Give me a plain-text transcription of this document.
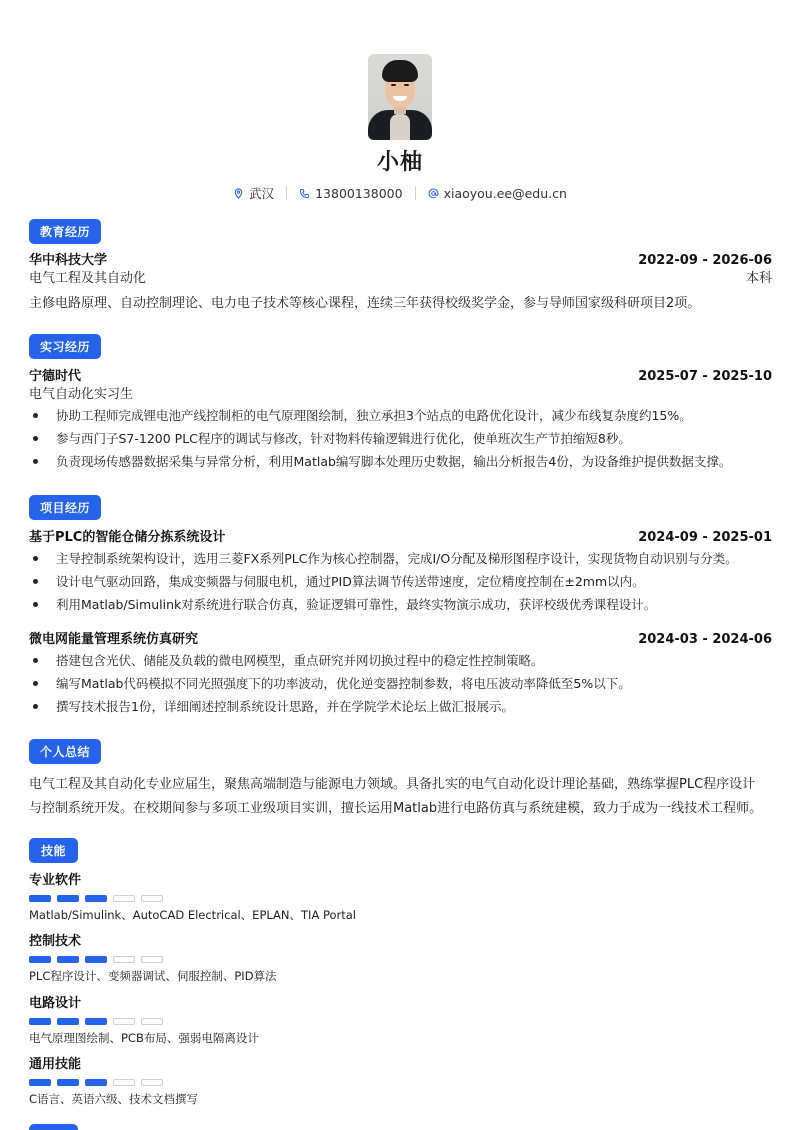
小柚
武汉	13800138000	xiaoyou.ee@edu.cn
教育经历
华中科技大学	2022-09 - 2026-06
电气工程及其自动化	本科
主修电路原理、自动控制理论、电力电子技术等核心课程，连续三年获得校级奖学金，参与导师国家级科研项目2项。
实习经历
宁德时代	2025-07 - 2025-10
电气自动化实习生
协助工程师完成锂电池产线控制柜的电气原理图绘制，独立承担3个站点的电路优化设计，减少布线复杂度约15%。
参与西门子S7-1200 PLC程序的调试与修改，针对物料传输逻辑进行优化，使单班次生产节拍缩短8秒。
负责现场传感器数据采集与异常分析，利用Matlab编写脚本处理历史数据，输出分析报告4份，为设备维护提供数据支撑。
项目经历
基于PLC的智能仓储分拣系统设计	2024-09 - 2025-01
主导控制系统架构设计，选用三菱FX系列PLC作为核心控制器，完成I/O分配及梯形图程序设计，实现货物自动识别与分类。
设计电气驱动回路，集成变频器与伺服电机，通过PID算法调节传送带速度，定位精度控制在±2mm以内。
利用Matlab/Simulink对系统进行联合仿真，验证逻辑可靠性，最终实物演示成功，获评校级优秀课程设计。
微电网能量管理系统仿真研究	2024-03 - 2024-06
搭建包含光伏、储能及负载的微电网模型，重点研究并网切换过程中的稳定性控制策略。
编写Matlab代码模拟不同光照强度下的功率波动，优化逆变器控制参数，将电压波动率降低至5%以下。
撰写技术报告1份，详细阐述控制系统设计思路，并在学院学术论坛上做汇报展示。
个人总结
电气工程及其自动化专业应届生，聚焦高端制造与能源电力领域。具备扎实的电气自动化设计理论基础，熟练掌握PLC程序设计
与控制系统开发。在校期间参与多项工业级项目实训，擅长运用Matlab进行电路仿真与系统建模，致力于成为一线技术工程师。
技能
专业软件
Matlab/Simulink、AutoCAD Electrical、EPLAN、TIA Portal
控制技术
PLC程序设计、变频器调试、伺服控制、PID算法
电路设计
电气原理图绘制、PCB布局、强弱电隔离设计
通用技能
C语言、英语六级、技术文档撰写
